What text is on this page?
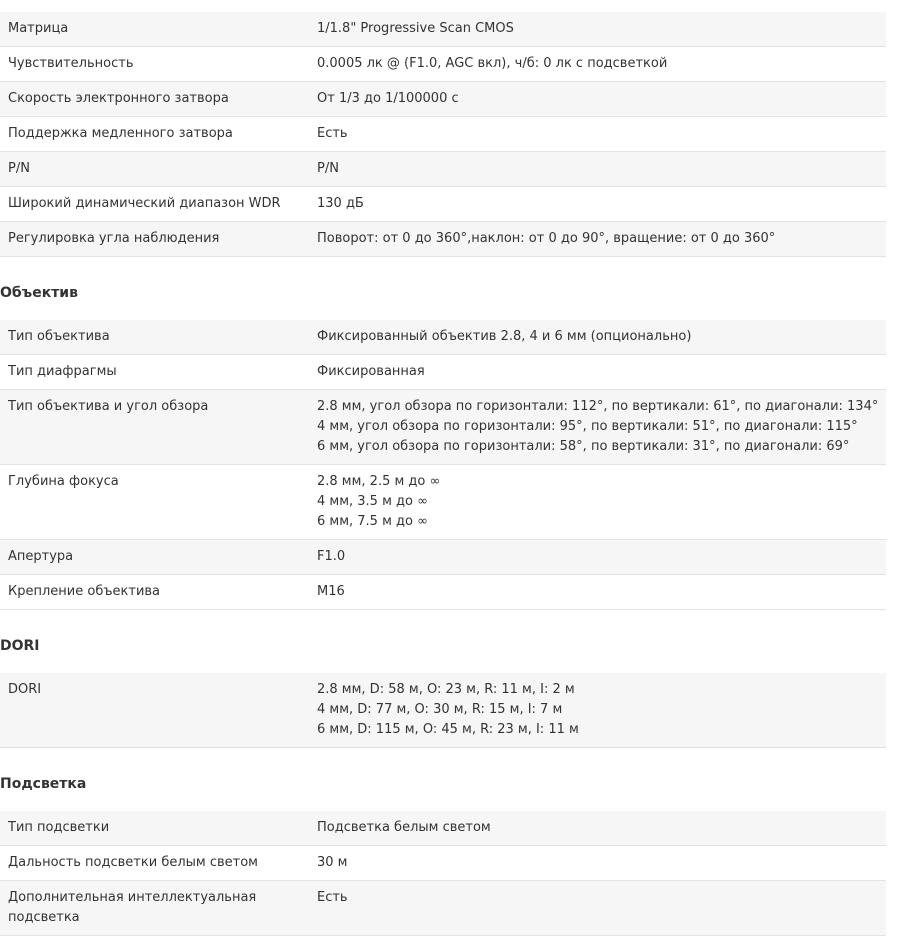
Матрица	1/1.8" Progressive Scan CMOS

Чувствительность	0.0005 лк @ (F1.0, AGC вкл), ч/б: 0 лк с подсветкой

Скорость электронного затвора	От 1/3 до 1/100000 с

Поддержка медленного затвора	Есть

P/N	P/N

Широкий динамический диапазон WDR	130 дБ

Регулировка угла наблюдения	Поворот: от 0 до 360°,наклон: от 0 до 90°, вращение: от 0 до 360°
Объектив
Тип объектива	Фиксированный объектив 2.8, 4 и 6 мм (опционально)

Тип диафрагмы	Фиксированная

Тип объектива и угол обзора	2.8 мм, угол обзора по горизонтали: 112°, по вертикали: 61°, по диагонали: 134°
4 мм, угол обзора по горизонтали: 95°, по вертикали: 51°, по диагонали: 115°
6 мм, угол обзора по горизонтали: 58°, по вертикали: 31°, по диагонали: 69°

Глубина фокуса	2.8 мм, 2.5 м до ∞
4 мм, 3.5 м до ∞
6 мм, 7.5 м до ∞

Апертура	F1.0

Крепление объектива	M16
DORI
DORI	2.8 мм, D: 58 м, O: 23 м, R: 11 м, I: 2 м
4 мм, D: 77 м, O: 30 м, R: 15 м, I: 7 м
6 мм, D: 115 м, O: 45 м, R: 23 м, I: 11 м
Подсветка
Тип подсветки	Подсветка белым светом

Дальность подсветки белым светом	30 м

Дополнительная интеллектуальная подсветка	Есть
